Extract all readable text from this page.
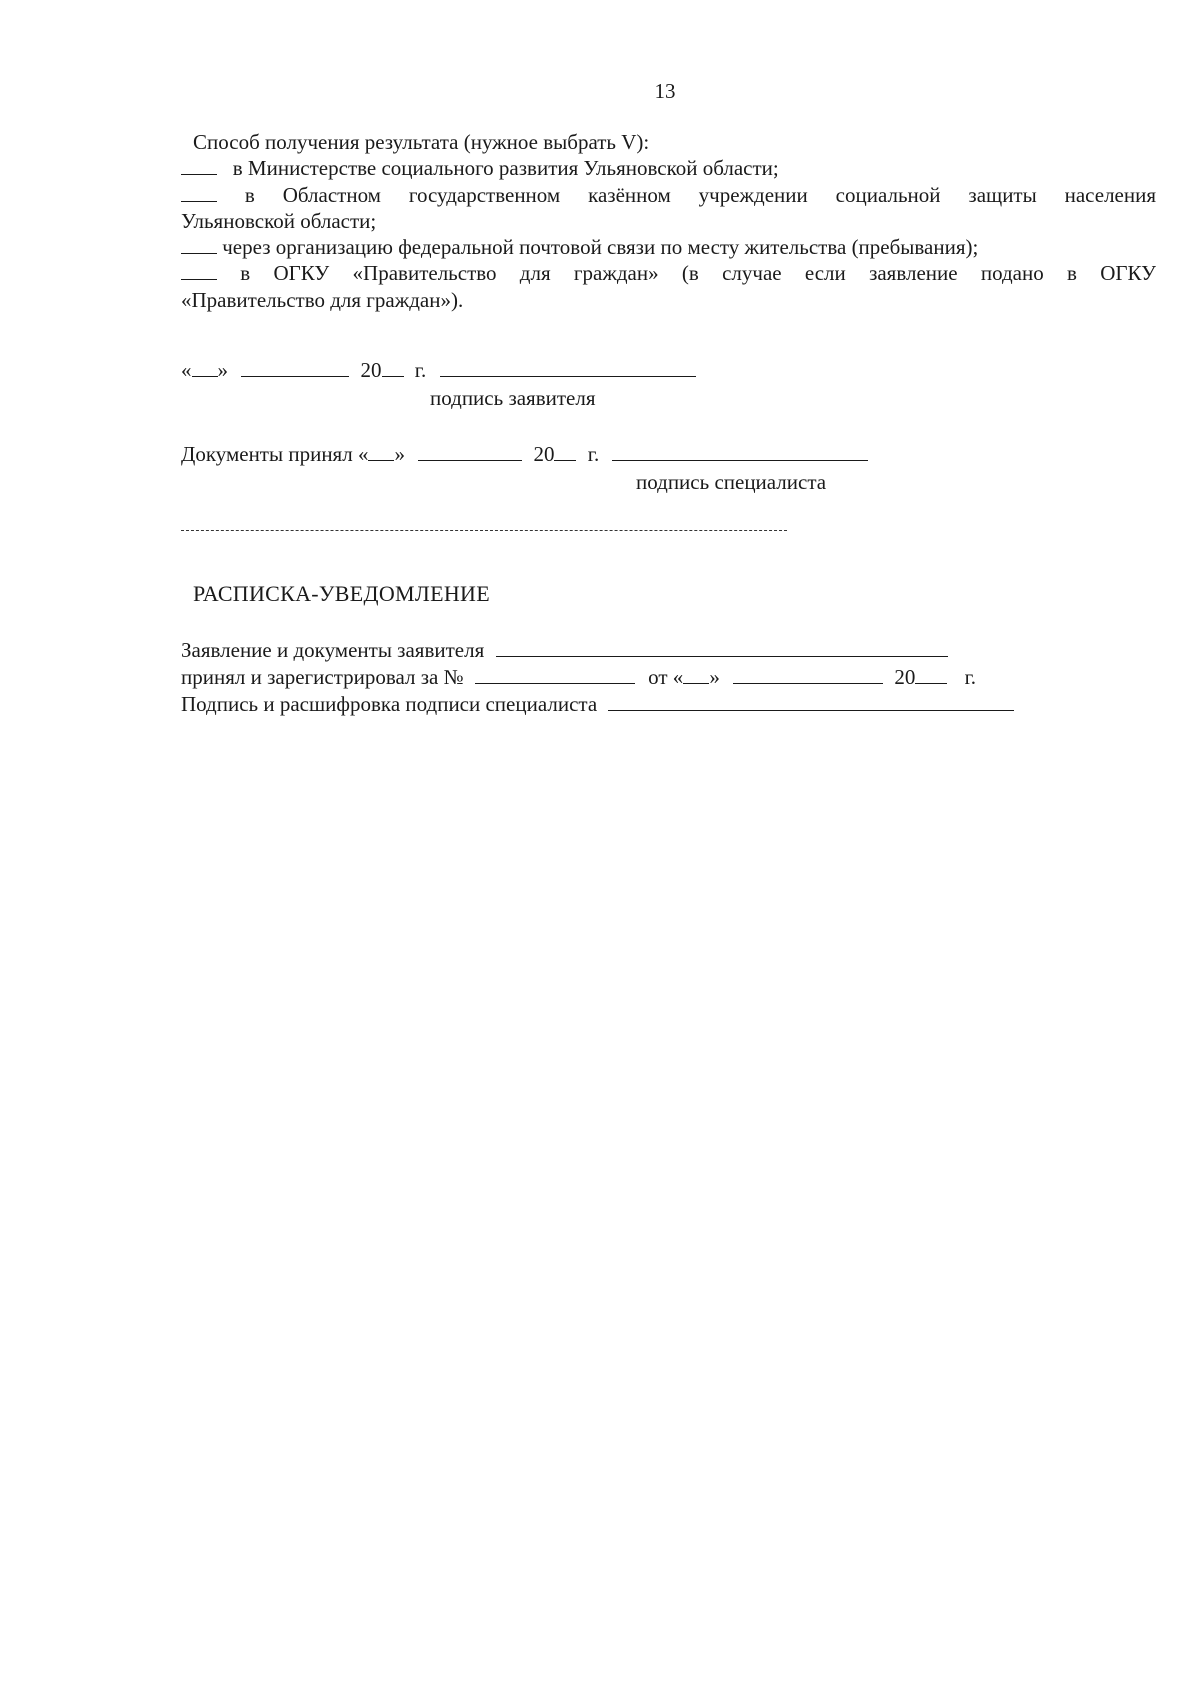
13
Способ получения результата (нужное выбрать V):
в Министерстве социального развития Ульяновской области;
в Областном государственном казённом учреждении социальной защиты населения
Ульяновской области;
через организацию федеральной почтовой связи по месту жительства (пребывания);
в ОГКУ «Правительство для граждан» (в случае если заявление подано в ОГКУ
«Правительство для граждан»).
« »	20 г.
подпись заявителя
Документы принял « »	20 г.
подпись специалиста
РАСПИСКА-УВЕДОМЛЕНИЕ
Заявление и документы заявителя
принял и зарегистрировал за №	от « »	20 г.
Подпись и расшифровка подписи специалиста
